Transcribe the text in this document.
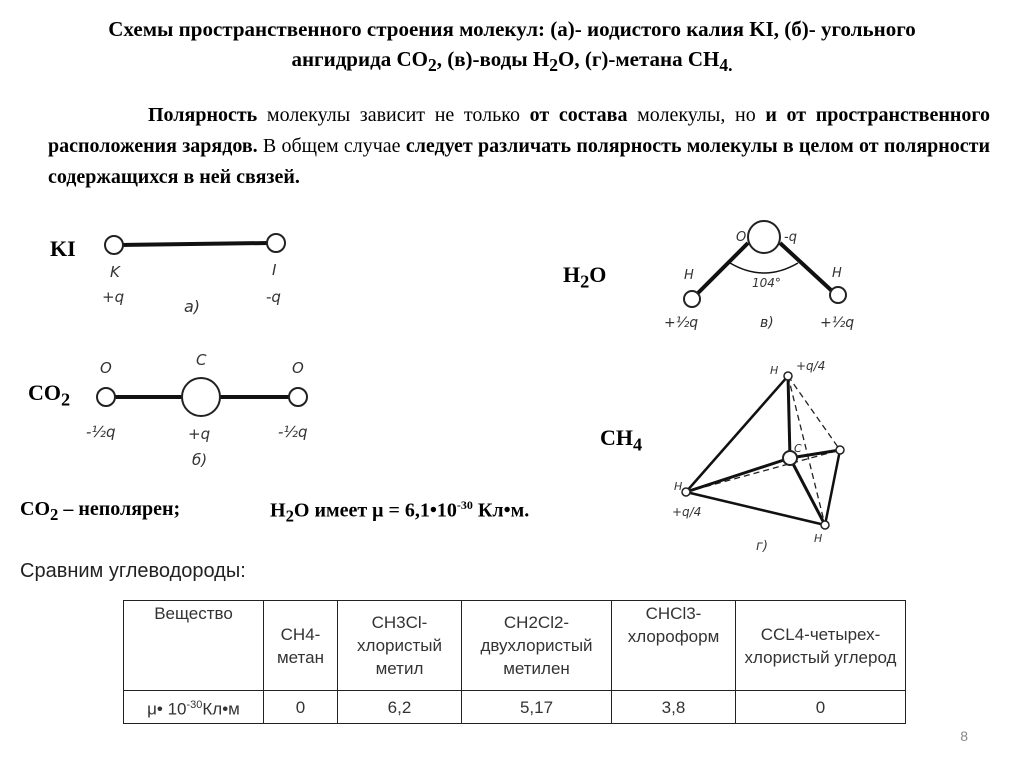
Схемы пространственного строения молекул: (а)- иодистого калия KI, (б)- угольного ангидрида $CO_2$, (в)-воды $H_2O$, (г)-метана $CH_{4.}$
Полярность молекулы зависит не только от состава молекулы, но и от пространственного расположения зарядов. В общем случае следует различать полярность молекулы в целом от полярности содержащихся в ней связей.
KI
$H_2O$
$CO_2$
$CH_4$
K
+q
I
-q
а)
O	C	O
-½q	+q	-½q
б)
O	-q
H	H
104°
+½q	+½q
в)
H +q/4
C
H
+q/4
H
г)
$CO_2$ – неполярен;	$H_2O$ имеет $\mu = 6,1•10^{-30}$ Кл•м.
Сравним углеводороды:
Вещество	CH4-метан	CH3Cl-хлористый метил	CH2Cl2-двухлористый метилен	CHCl3-хлороформ	CCL4-четырех-хлористый углерод
μ• $10^{-30}Кл•м$	0	6,2	5,17	3,8	0
8
